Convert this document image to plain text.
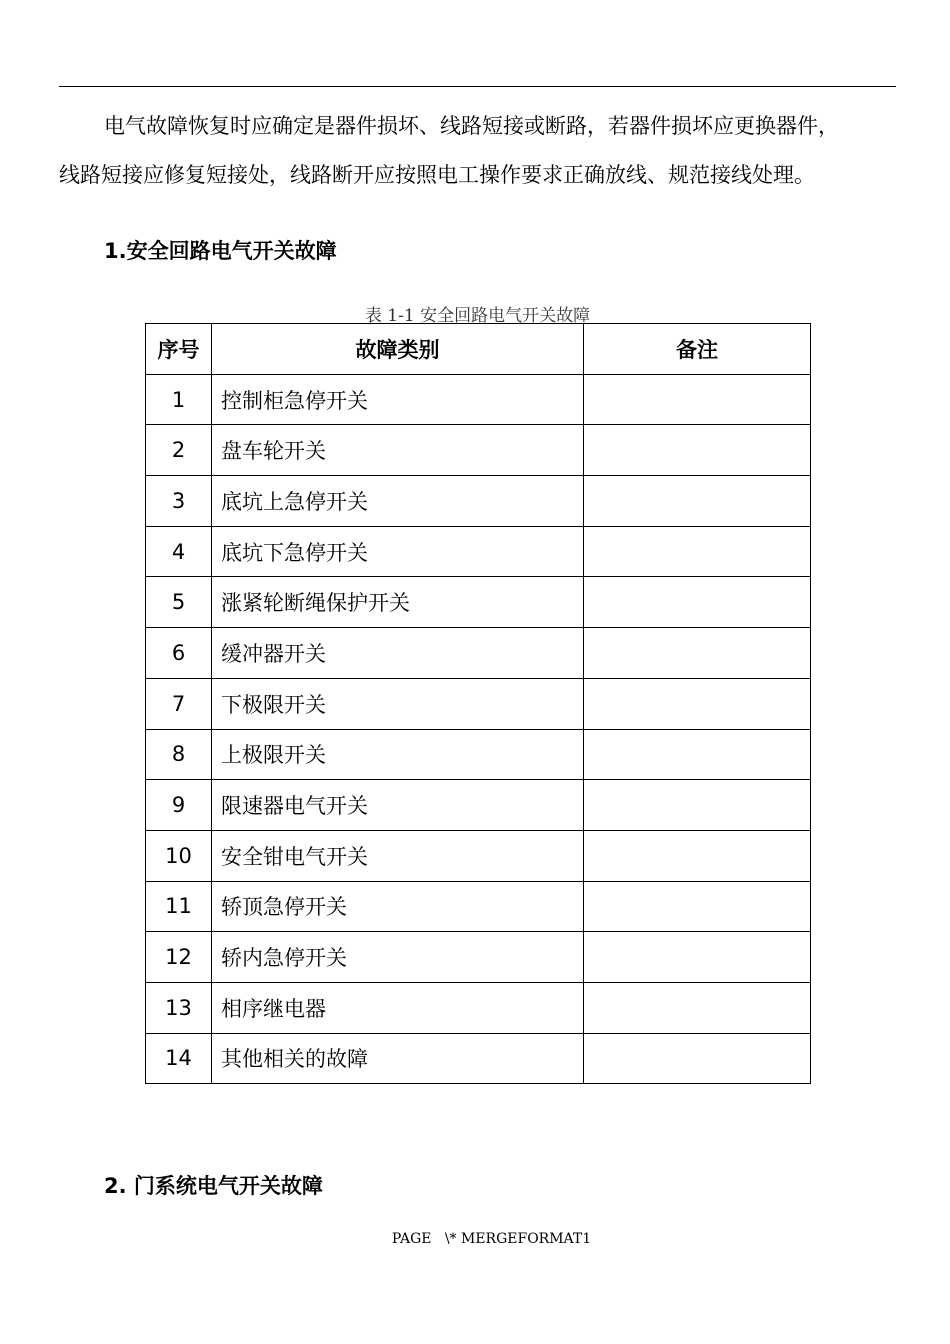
电气故障恢复时应确定是器件损坏、线路短接或断路，若器件损坏应更换器件，
线路短接应修复短接处，线路断开应按照电工操作要求正确放线、规范接线处理。

1.安全回路电气开关故障
表 1-1 安全回路电气开关故障
序号	故障类别	备注
1	控制柜急停开关	
2	盘车轮开关	
3	底坑上急停开关	
4	底坑下急停开关	
5	涨紧轮断绳保护开关	
6	缓冲器开关	
7	下极限开关	
8	上极限开关	
9	限速器电气开关	
10	安全钳电气开关	
11	轿顶急停开关	
12	轿内急停开关	
13	相序继电器	
14	其他相关的故障	
2. 门系统电气开关故障
PAGE   \* MERGEFORMAT1
